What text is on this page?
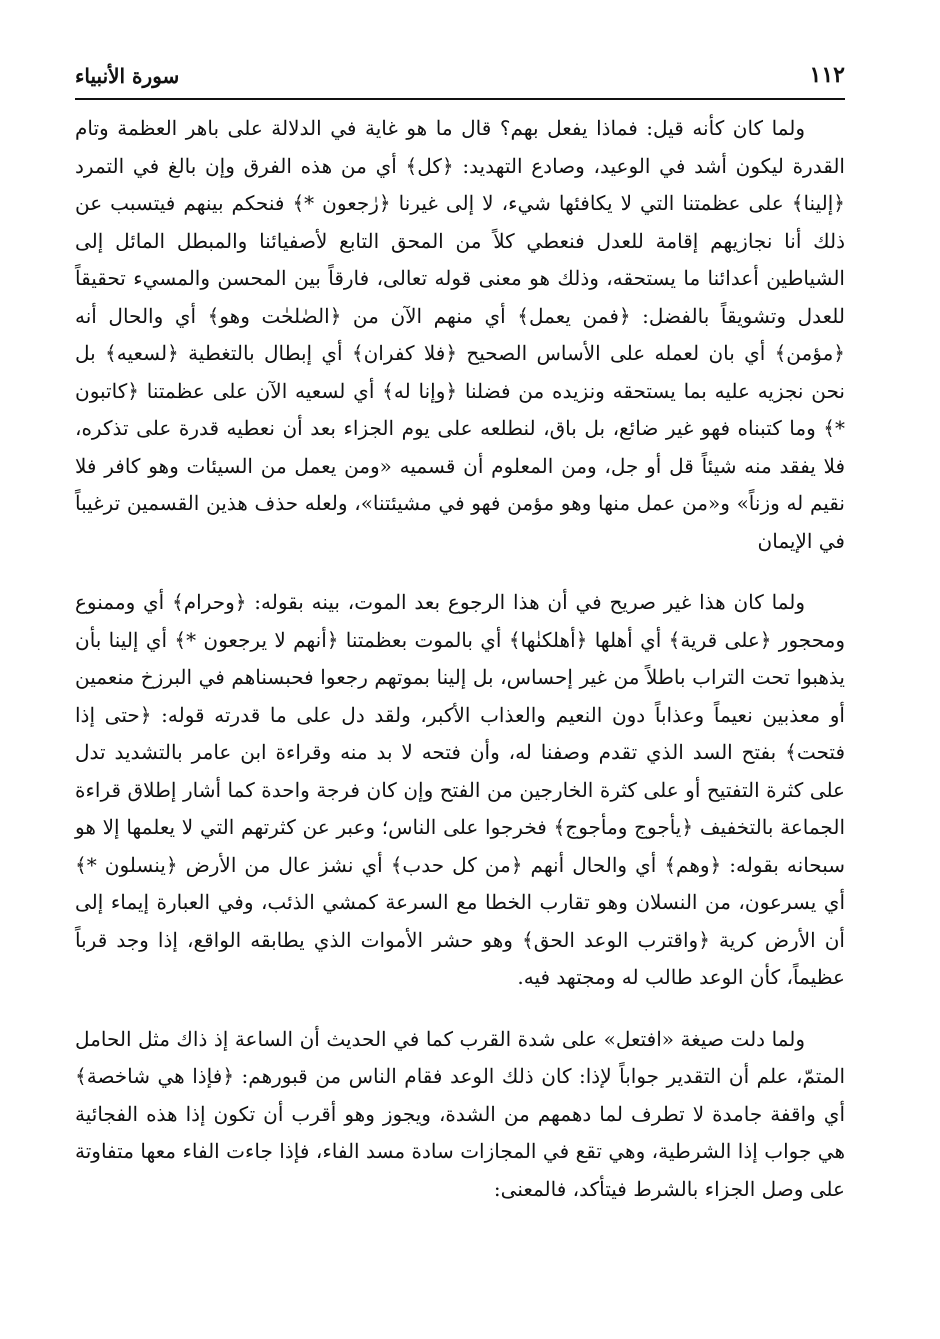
١١٢
سورة الأنبياء

ولما كان كأنه قيل: فماذا يفعل بهم؟ قال ما هو غاية في الدلالة على باهر العظمة وتام القدرة ليكون أشد في الوعيد، وصادع التهديد: ﴿كل﴾ أي من هذه الفرق وإن بالغ في التمرد ﴿إلينا﴾ على عظمتنا التي لا يكافئها شيء، لا إلى غيرنا ﴿رٰجعون *﴾ فنحكم بينهم فيتسبب عن ذلك أنا نجازيهم إقامة للعدل فنعطي كلاً من المحق التابع لأصفيائنا والمبطل المائل إلى الشياطين أعدائنا ما يستحقه، وذلك هو معنى قوله تعالى، فارقاً بين المحسن والمسيء تحقيقاً للعدل وتشويقاً بالفضل: ﴿فمن يعمل﴾ أي منهم الآن من ﴿الصٰلحٰت وهو﴾ أي والحال أنه ﴿مؤمن﴾ أي بان لعمله على الأساس الصحيح ﴿فلا كفران﴾ أي إبطال بالتغطية ﴿لسعيه﴾ بل نحن نجزيه عليه بما يستحقه ونزيده من فضلنا ﴿وإنا له﴾ أي لسعيه الآن على عظمتنا ﴿كاتبون *﴾ وما كتبناه فهو غير ضائع، بل باق، لنطلعه على يوم الجزاء بعد أن نعطيه قدرة على تذكره، فلا يفقد منه شيئاً قل أو جل، ومن المعلوم أن قسميه «ومن يعمل من السيئات وهو كافر فلا نقيم له وزناً» و«من عمل منها وهو مؤمن فهو في مشيئتنا»، ولعله حذف هذين القسمين ترغيباً في الإيمان

ولما كان هذا غير صريح في أن هذا الرجوع بعد الموت، بينه بقوله: ﴿وحرام﴾ أي وممنوع ومحجور ﴿على قرية﴾ أي أهلها ﴿أهلكنٰها﴾ أي بالموت بعظمتنا ﴿أنهم لا يرجعون *﴾ أي إلينا بأن يذهبوا تحت التراب باطلاً من غير إحساس، بل إلينا بموتهم رجعوا فحبسناهم في البرزخ منعمين أو معذبين نعيماً وعذاباً دون النعيم والعذاب الأكبر، ولقد دل على ما قدرته قوله: ﴿حتى إذا فتحت﴾ بفتح السد الذي تقدم وصفنا له، وأن فتحه لا بد منه وقراءة ابن عامر بالتشديد تدل على كثرة التفتيح أو على كثرة الخارجين من الفتح وإن كان فرجة واحدة كما أشار إطلاق قراءة الجماعة بالتخفيف ﴿يأجوج ومأجوج﴾ فخرجوا على الناس؛ وعبر عن كثرتهم التي لا يعلمها إلا هو سبحانه بقوله: ﴿وهم﴾ أي والحال أنهم ﴿من كل حدب﴾ أي نشز عال من الأرض ﴿ينسلون *﴾ أي يسرعون، من النسلان وهو تقارب الخطا مع السرعة كمشي الذئب، وفي العبارة إيماء إلى أن الأرض كرية ﴿واقترب الوعد الحق﴾ وهو حشر الأموات الذي يطابقه الواقع، إذا وجد قرباً عظيماً، كأن الوعد طالب له ومجتهد فيه.

ولما دلت صيغة «افتعل» على شدة القرب كما في الحديث أن الساعة إذ ذاك مثل الحامل المتمّ، علم أن التقدير جواباً لإذا: كان ذلك الوعد فقام الناس من قبورهم: ﴿فإذا هي شاخصة﴾ أي واقفة جامدة لا تطرف لما دهمهم من الشدة، ويجوز وهو أقرب أن تكون إذا هذه الفجائية هي جواب إذا الشرطية، وهي تقع في المجازات سادة مسد الفاء، فإذا جاءت الفاء معها متفاوتة على وصل الجزاء بالشرط فيتأكد، فالمعنى:
